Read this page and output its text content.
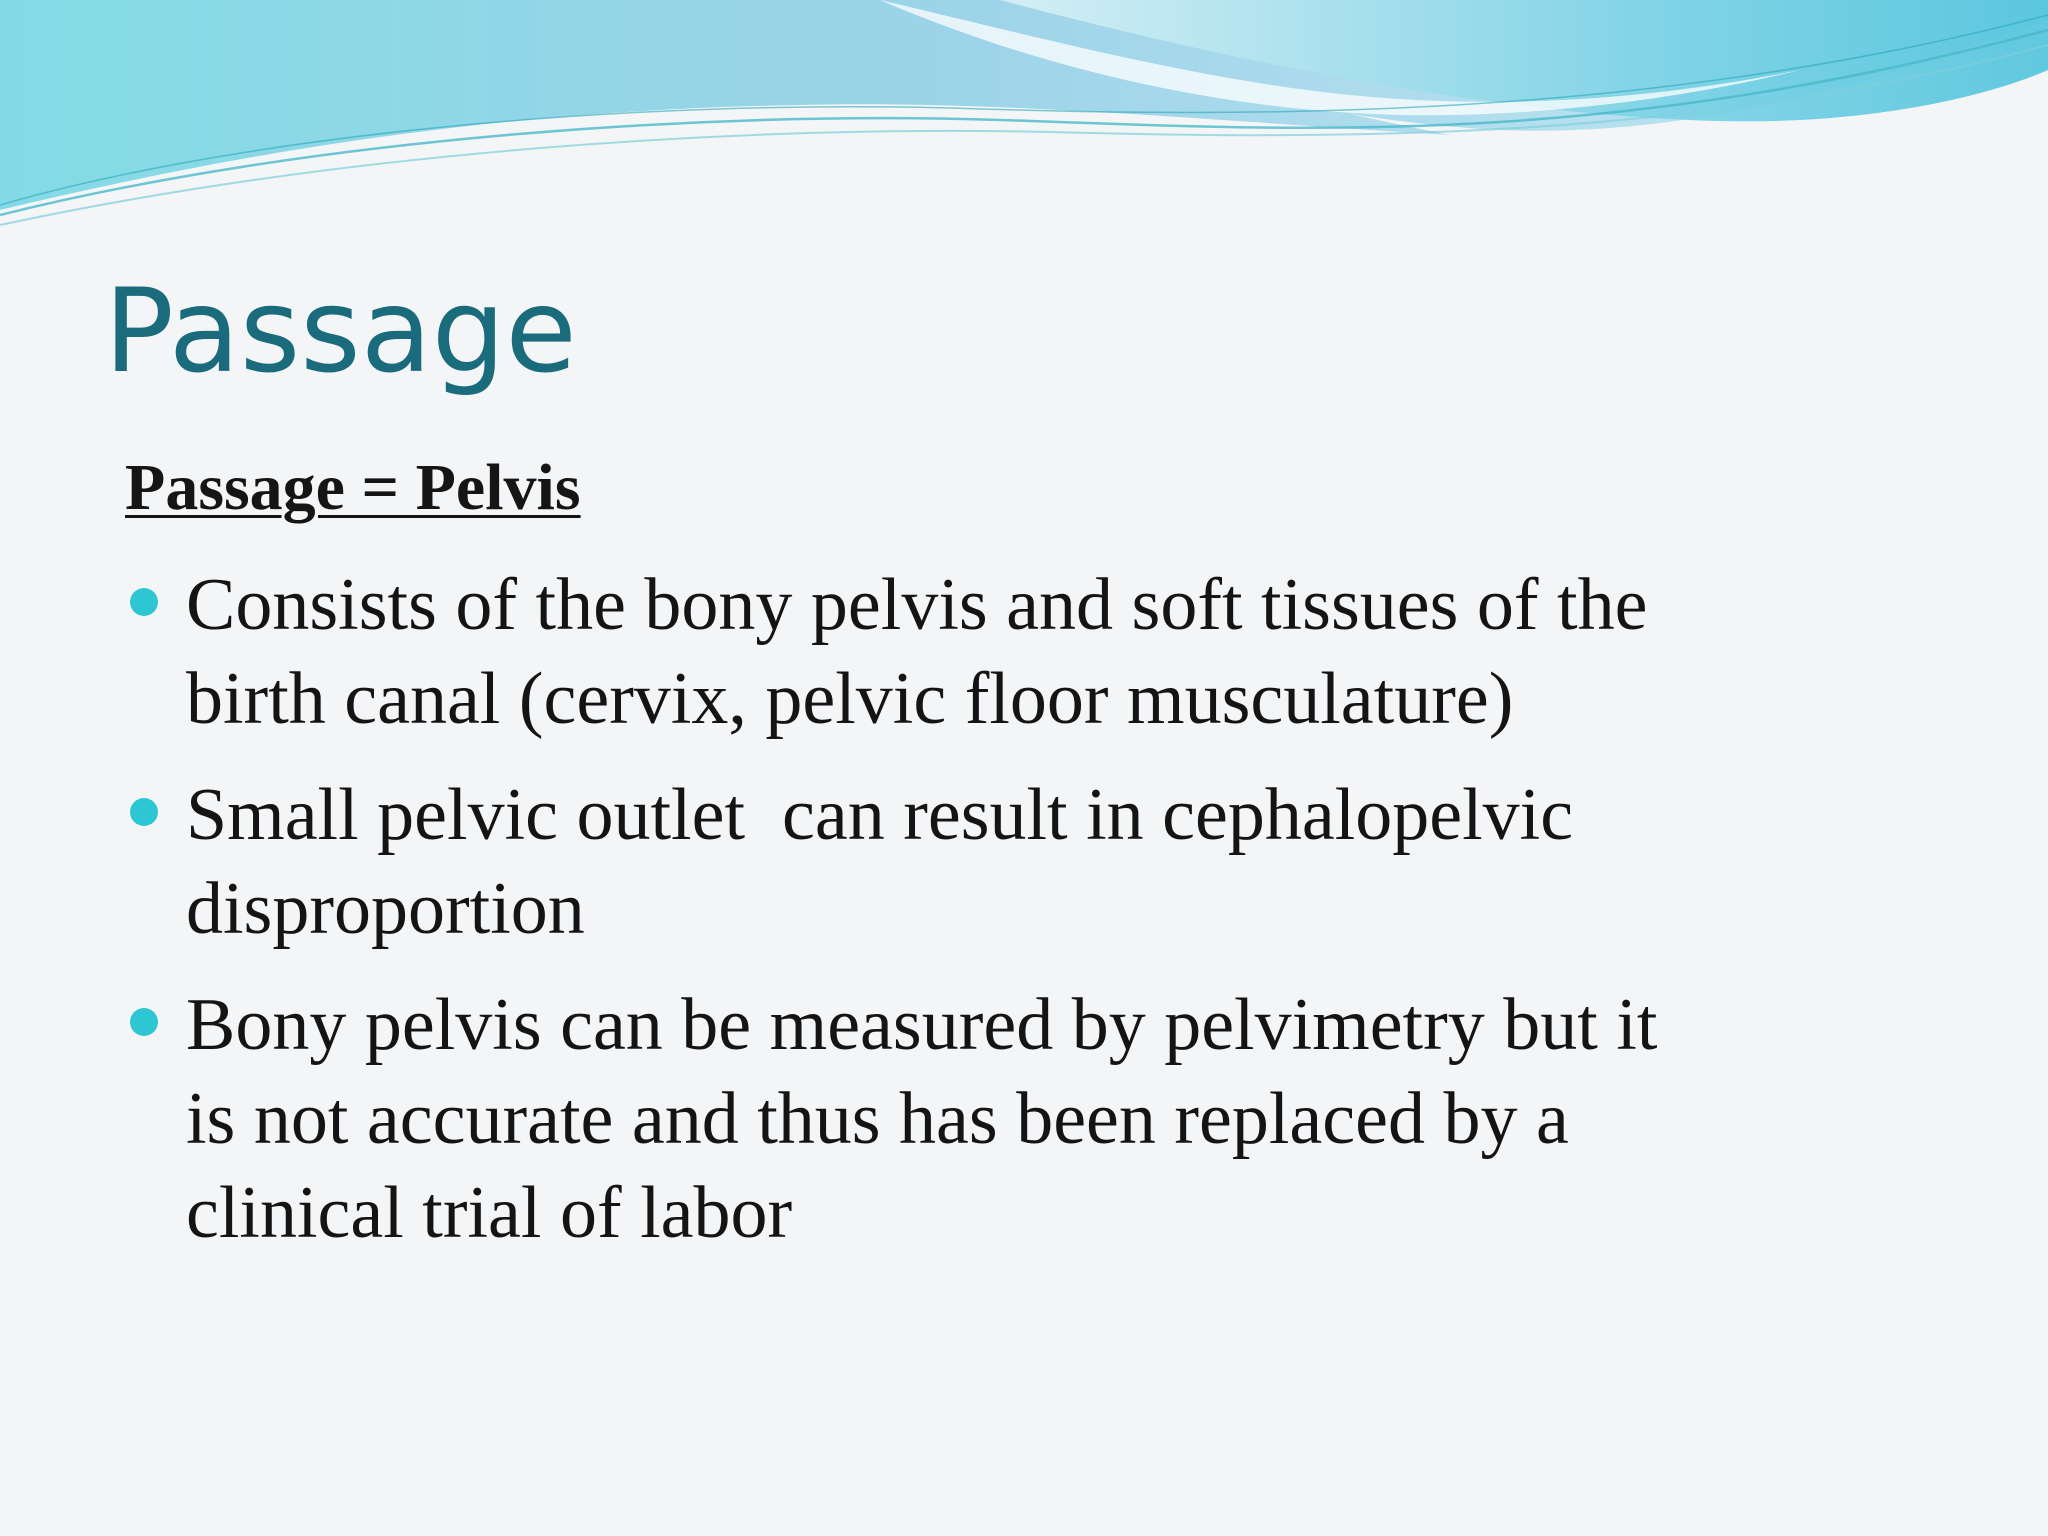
Passage
Passage = Pelvis
Consists of the bony pelvis and soft tissues of the
birth canal (cervix, pelvic floor musculature)
Small pelvic outlet  can result in cephalopelvic
disproportion
Bony pelvis can be measured by pelvimetry but it
is not accurate and thus has been replaced by a
clinical trial of labor
